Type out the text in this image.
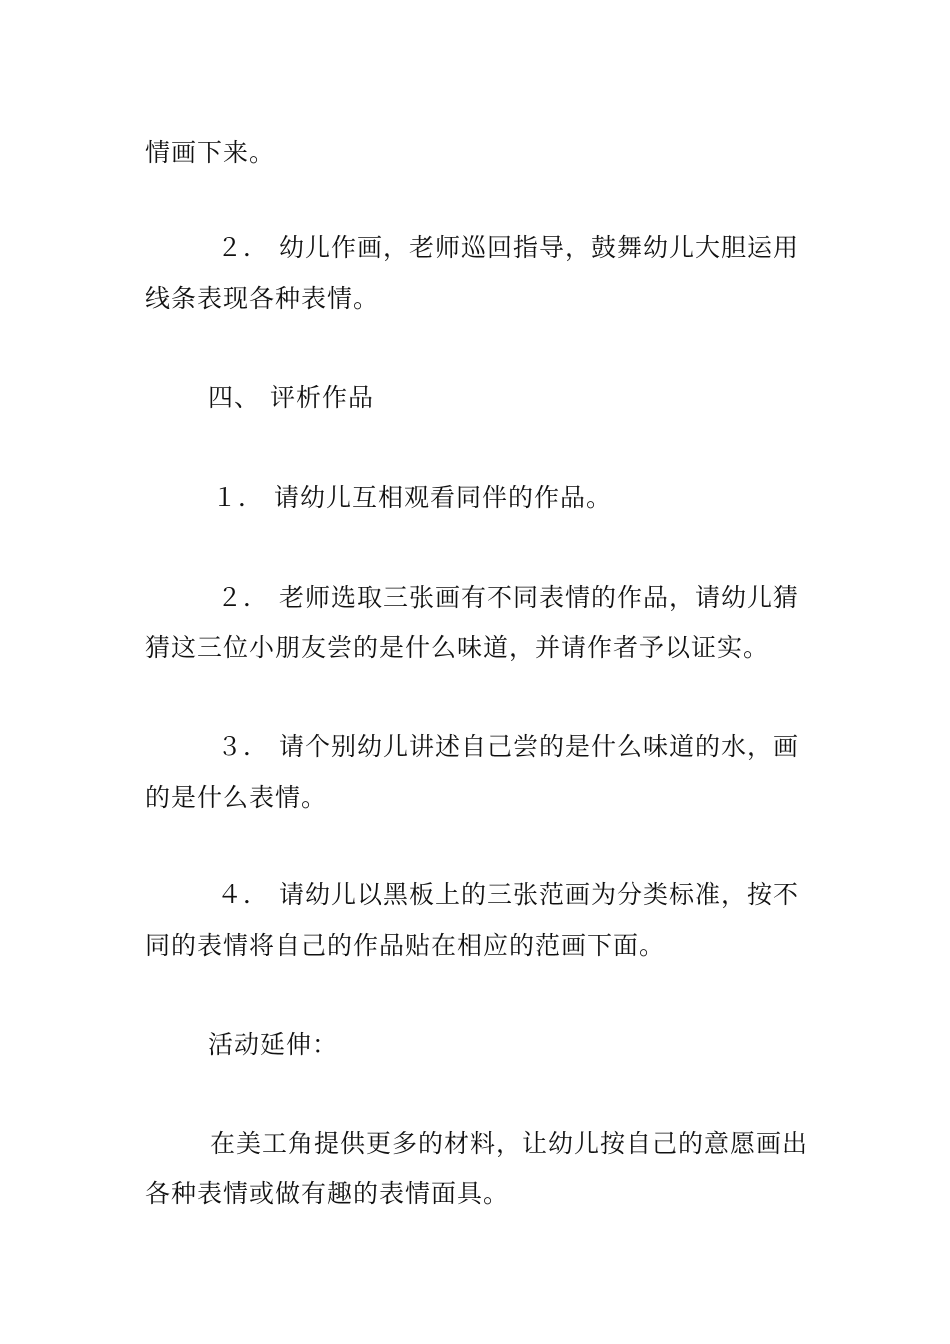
情画下来。
２． 幼儿作画，老师巡回指导，鼓舞幼儿大胆运用
线条表现各种表情。
四、 评析作品
１． 请幼儿互相观看同伴的作品。
２． 老师选取三张画有不同表情的作品，请幼儿猜
猜这三位小朋友尝的是什么味道，并请作者予以证实。
３． 请个别幼儿讲述自己尝的是什么味道的水，画
的是什么表情。
４． 请幼儿以黑板上的三张范画为分类标准，按不
同的表情将自己的作品贴在相应的范画下面。
活动延伸：
在美工角提供更多的材料，让幼儿按自己的意愿画出
各种表情或做有趣的表情面具。
